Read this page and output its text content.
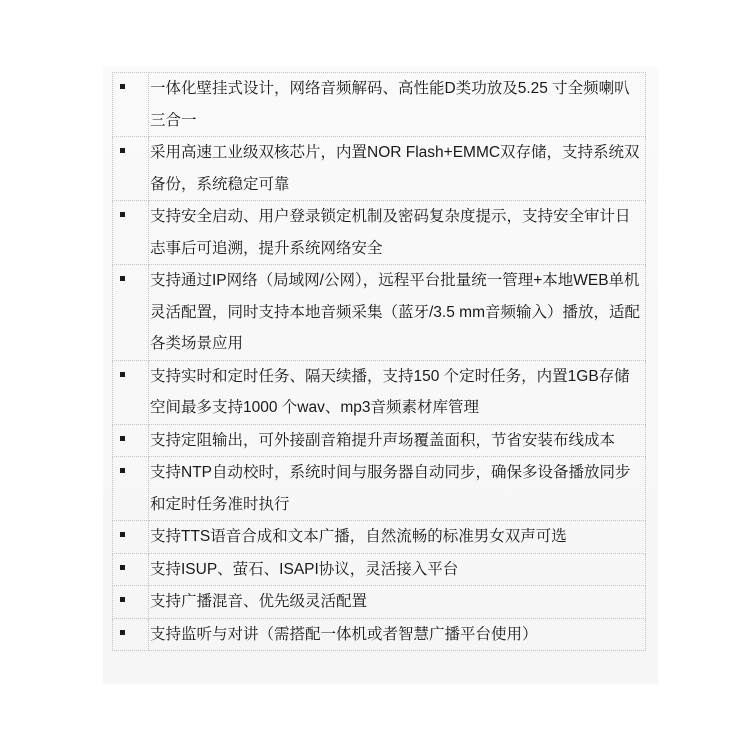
	一体化壁挂式设计，网络音频解码、高性能D类功放及5.25 寸全频喇叭三合一

	采用高速工业级双核芯片，内置NOR Flash+EMMC双存储，支持系统双备份，系统稳定可靠

	支持安全启动、用户登录锁定机制及密码复杂度提示，支持安全审计日志事后可追溯，提升系统网络安全

	支持通过IP网络（局域网/公网），远程平台批量统一管理+本地WEB单机灵活配置，同时支持本地音频采集（蓝牙/3.5 mm音频输入）播放，适配各类场景应用

	支持实时和定时任务、隔天续播，支持150 个定时任务，内置1GB存储空间最多支持1000 个wav、mp3音频素材库管理

	支持定阻输出，可外接副音箱提升声场覆盖面积，节省安装布线成本

	支持NTP自动校时，系统时间与服务器自动同步，确保多设备播放同步和定时任务准时执行

	支持TTS语音合成和文本广播，自然流畅的标准男女双声可选

	支持ISUP、萤石、ISAPI协议，灵活接入平台

	支持广播混音、优先级灵活配置

	支持监听与对讲（需搭配一体机或者智慧广播平台使用）
